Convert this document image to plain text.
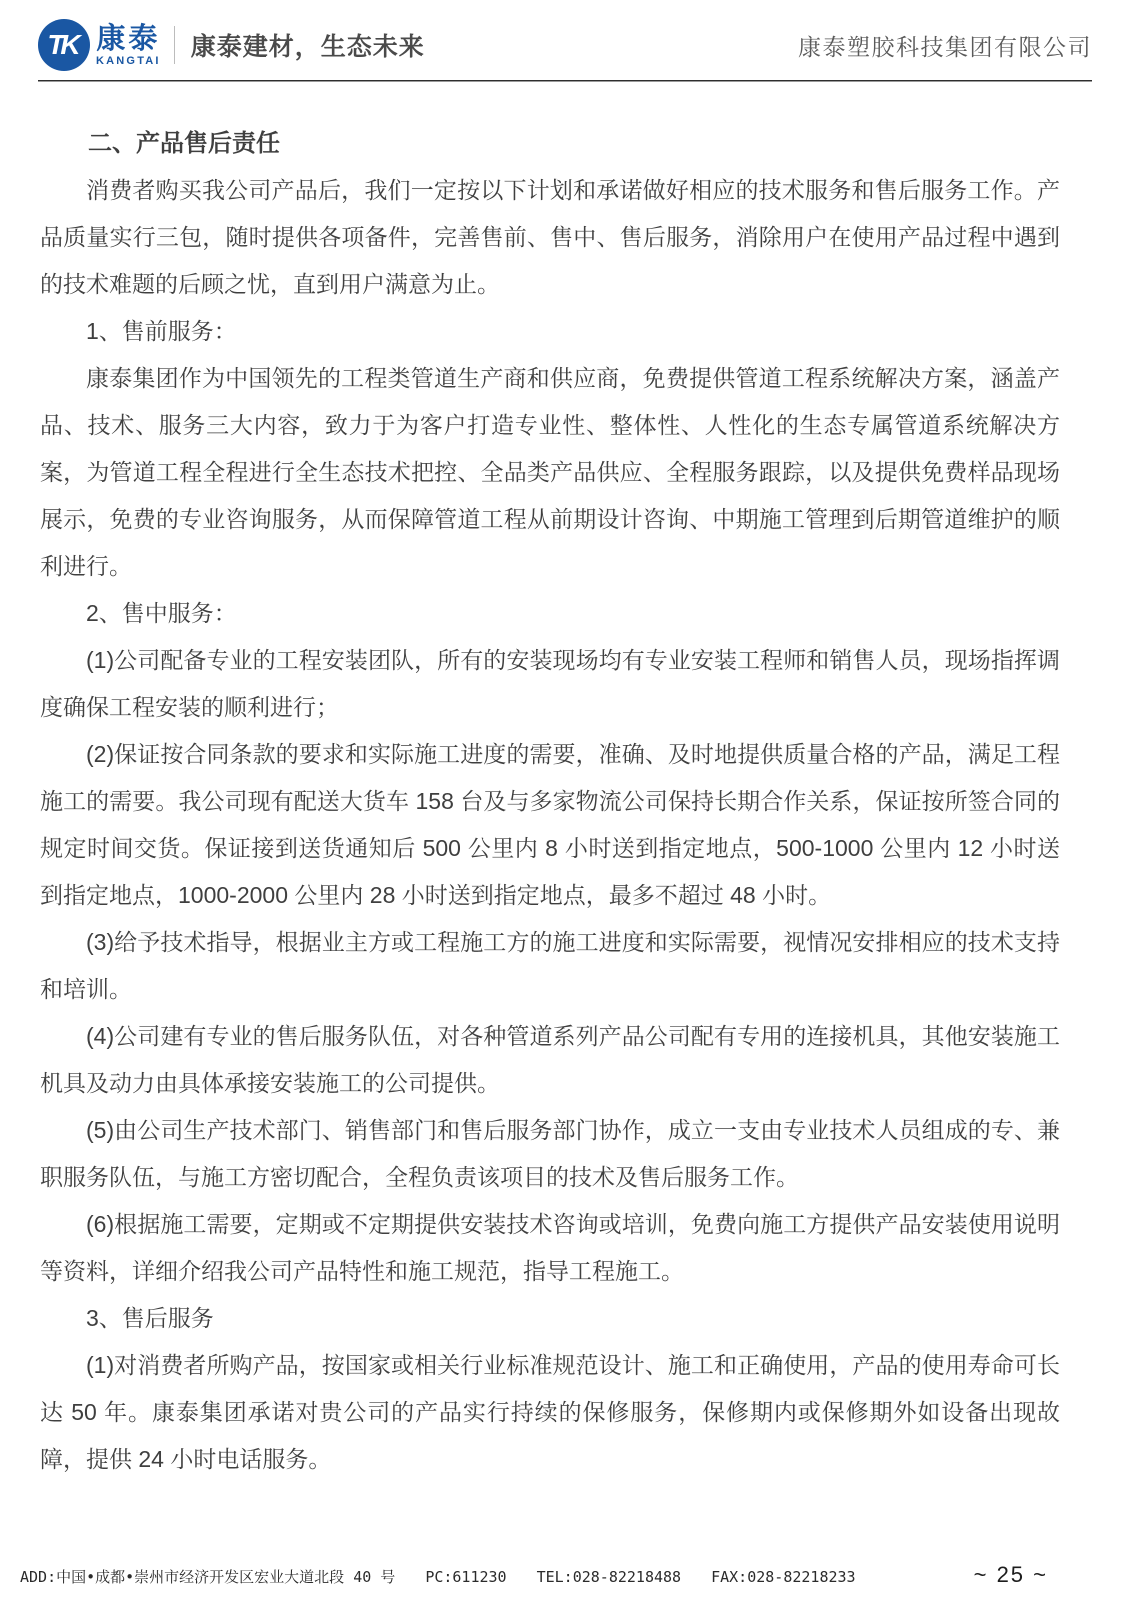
TK 康泰
KANGTAI 康泰建材，生态未来	康泰塑胶科技集团有限公司

二、产品售后责任

消费者购买我公司产品后，我们一定按以下计划和承诺做好相应的技术服务和售后服务工作。产品质量实行三包，随时提供各项备件，完善售前、售中、售后服务，消除用户在使用产品过程中遇到的技术难题的后顾之忧，直到用户满意为止。

1、售前服务：

康泰集团作为中国领先的工程类管道生产商和供应商，免费提供管道工程系统解决方案，涵盖产品、技术、服务三大内容，致力于为客户打造专业性、整体性、人性化的生态专属管道系统解决方案，为管道工程全程进行全生态技术把控、全品类产品供应、全程服务跟踪，以及提供免费样品现场展示，免费的专业咨询服务，从而保障管道工程从前期设计咨询、中期施工管理到后期管道维护的顺利进行。

2、售中服务：

(1)公司配备专业的工程安装团队，所有的安装现场均有专业安装工程师和销售人员，现场指挥调度确保工程安装的顺利进行；

(2)保证按合同条款的要求和实际施工进度的需要，准确、及时地提供质量合格的产品，满足工程施工的需要。我公司现有配送大货车 158 台及与多家物流公司保持长期合作关系，保证按所签合同的规定时间交货。保证接到送货通知后 500 公里内 8 小时送到指定地点，500-1000 公里内 12 小时送到指定地点，1000-2000 公里内 28 小时送到指定地点，最多不超过 48 小时。

(3)给予技术指导，根据业主方或工程施工方的施工进度和实际需要，视情况安排相应的技术支持和培训。

(4)公司建有专业的售后服务队伍，对各种管道系列产品公司配有专用的连接机具，其他安装施工机具及动力由具体承接安装施工的公司提供。

(5)由公司生产技术部门、销售部门和售后服务部门协作，成立一支由专业技术人员组成的专、兼职服务队伍，与施工方密切配合，全程负责该项目的技术及售后服务工作。

(6)根据施工需要，定期或不定期提供安装技术咨询或培训，免费向施工方提供产品安装使用说明等资料，详细介绍我公司产品特性和施工规范，指导工程施工。

3、售后服务

(1)对消费者所购产品，按国家或相关行业标准规范设计、施工和正确使用，产品的使用寿命可长达 50 年。康泰集团承诺对贵公司的产品实行持续的保修服务，保修期内或保修期外如设备出现故障，提供 24 小时电话服务。

ADD:中国•成都•崇州市经济开发区宏业大道北段 40 号 PC:611230 TEL:028-82218488 FAX:028-82218233	~ 25 ~
